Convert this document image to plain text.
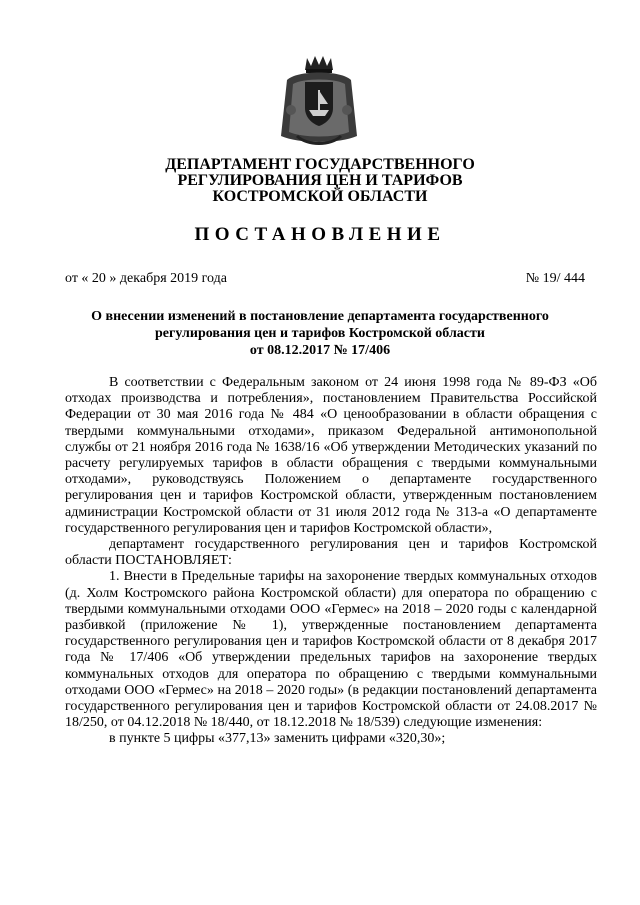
ДЕПАРТАМЕНТ ГОСУДАРСТВЕННОГО
РЕГУЛИРОВАНИЯ ЦЕН И ТАРИФОВ
КОСТРОМСКОЙ ОБЛАСТИ
ПОСТАНОВЛЕНИЕ
от « 20 » декабря 2019 года	№ 19/ 444
О внесении изменений в постановление департамента государственного
регулирования цен и тарифов Костромской области
от 08.12.2017 № 17/406

В соответствии с Федеральным законом от 24 июня 1998 года № 89-ФЗ «Об отходах производства и потребления», постановлением Правительства Российской Федерации от 30 мая 2016 года № 484 «О ценообразовании в области обращения с твердыми коммунальными отходами», приказом Федеральной антимонопольной службы от 21 ноября 2016 года № 1638/16 «Об утверждении Методических указаний по расчету регулируемых тарифов в области обращения с твердыми коммунальными отходами», руководствуясь Положением о департаменте государственного регулирования цен и тарифов Костромской области, утвержденным постановлением администрации Костромской области от 31 июля 2012 года № 313-а «О департаменте государственного регулирования цен и тарифов Костромской области»,

департамент государственного регулирования цен и тарифов Костромской области ПОСТАНОВЛЯЕТ:

1. Внести в Предельные тарифы на захоронение твердых коммунальных отходов (д. Холм Костромского района Костромской области) для оператора по обращению с твердыми коммунальными отходами ООО «Гермес» на 2018 – 2020 годы с календарной разбивкой (приложение № 1), утвержденные постановлением департамента государственного регулирования цен и тарифов Костромской области от 8 декабря 2017 года № 17/406 «Об утверждении предельных тарифов на захоронение твердых коммунальных отходов для оператора по обращению с твердыми коммунальными отходами ООО «Гермес» на 2018 – 2020 годы» (в редакции постановлений департамента государственного регулирования цен и тарифов Костромской области от 24.08.2017 № 18/250, от 04.12.2018 № 18/440, от 18.12.2018 № 18/539) следующие изменения:

в пункте 5 цифры «377,13» заменить цифрами «320,30»;
